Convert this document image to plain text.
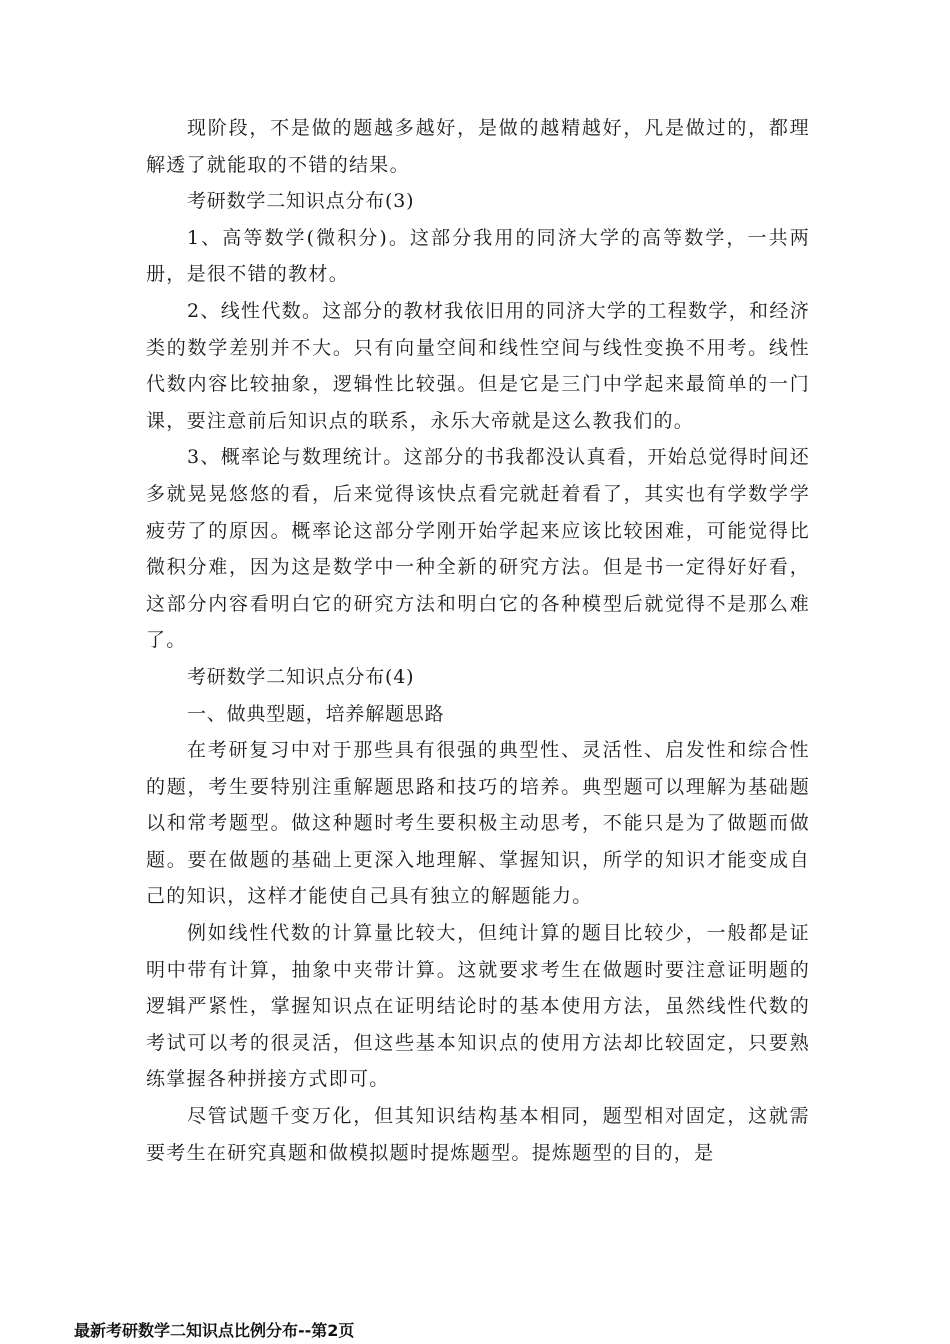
现阶段，不是做的题越多越好，是做的越精越好，凡是做过的，都理解透了就能取的不错的结果。

考研数学二知识点分布(3)

1、高等数学(微积分)。这部分我用的同济大学的高等数学，一共两册，是很不错的教材。

2、线性代数。这部分的教材我依旧用的同济大学的工程数学，和经济类的数学差别并不大。只有向量空间和线性空间与线性变换不用考。线性代数内容比较抽象，逻辑性比较强。但是它是三门中学起来最简单的一门课，要注意前后知识点的联系，永乐大帝就是这么教我们的。

3、概率论与数理统计。这部分的书我都没认真看，开始总觉得时间还多就晃晃悠悠的看，后来觉得该快点看完就赶着看了，其实也有学数学学疲劳了的原因。概率论这部分学刚开始学起来应该比较困难，可能觉得比微积分难，因为这是数学中一种全新的研究方法。但是书一定得好好看，这部分内容看明白它的研究方法和明白它的各种模型后就觉得不是那么难了。

考研数学二知识点分布(4)

一、做典型题，培养解题思路

在考研复习中对于那些具有很强的典型性、灵活性、启发性和综合性的题，考生要特别注重解题思路和技巧的培养。典型题可以理解为基础题以和常考题型。做这种题时考生要积极主动思考，不能只是为了做题而做题。要在做题的基础上更深入地理解、掌握知识，所学的知识才能变成自己的知识，这样才能使自己具有独立的解题能力。

例如线性代数的计算量比较大，但纯计算的题目比较少，一般都是证明中带有计算，抽象中夹带计算。这就要求考生在做题时要注意证明题的逻辑严紧性，掌握知识点在证明结论时的基本使用方法，虽然线性代数的考试可以考的很灵活，但这些基本知识点的使用方法却比较固定，只要熟练掌握各种拼接方式即可。

尽管试题千变万化，但其知识结构基本相同，题型相对固定，这就需要考生在研究真题和做模拟题时提炼题型。提炼题型的目的，是

最新考研数学二知识点比例分布--第2页
